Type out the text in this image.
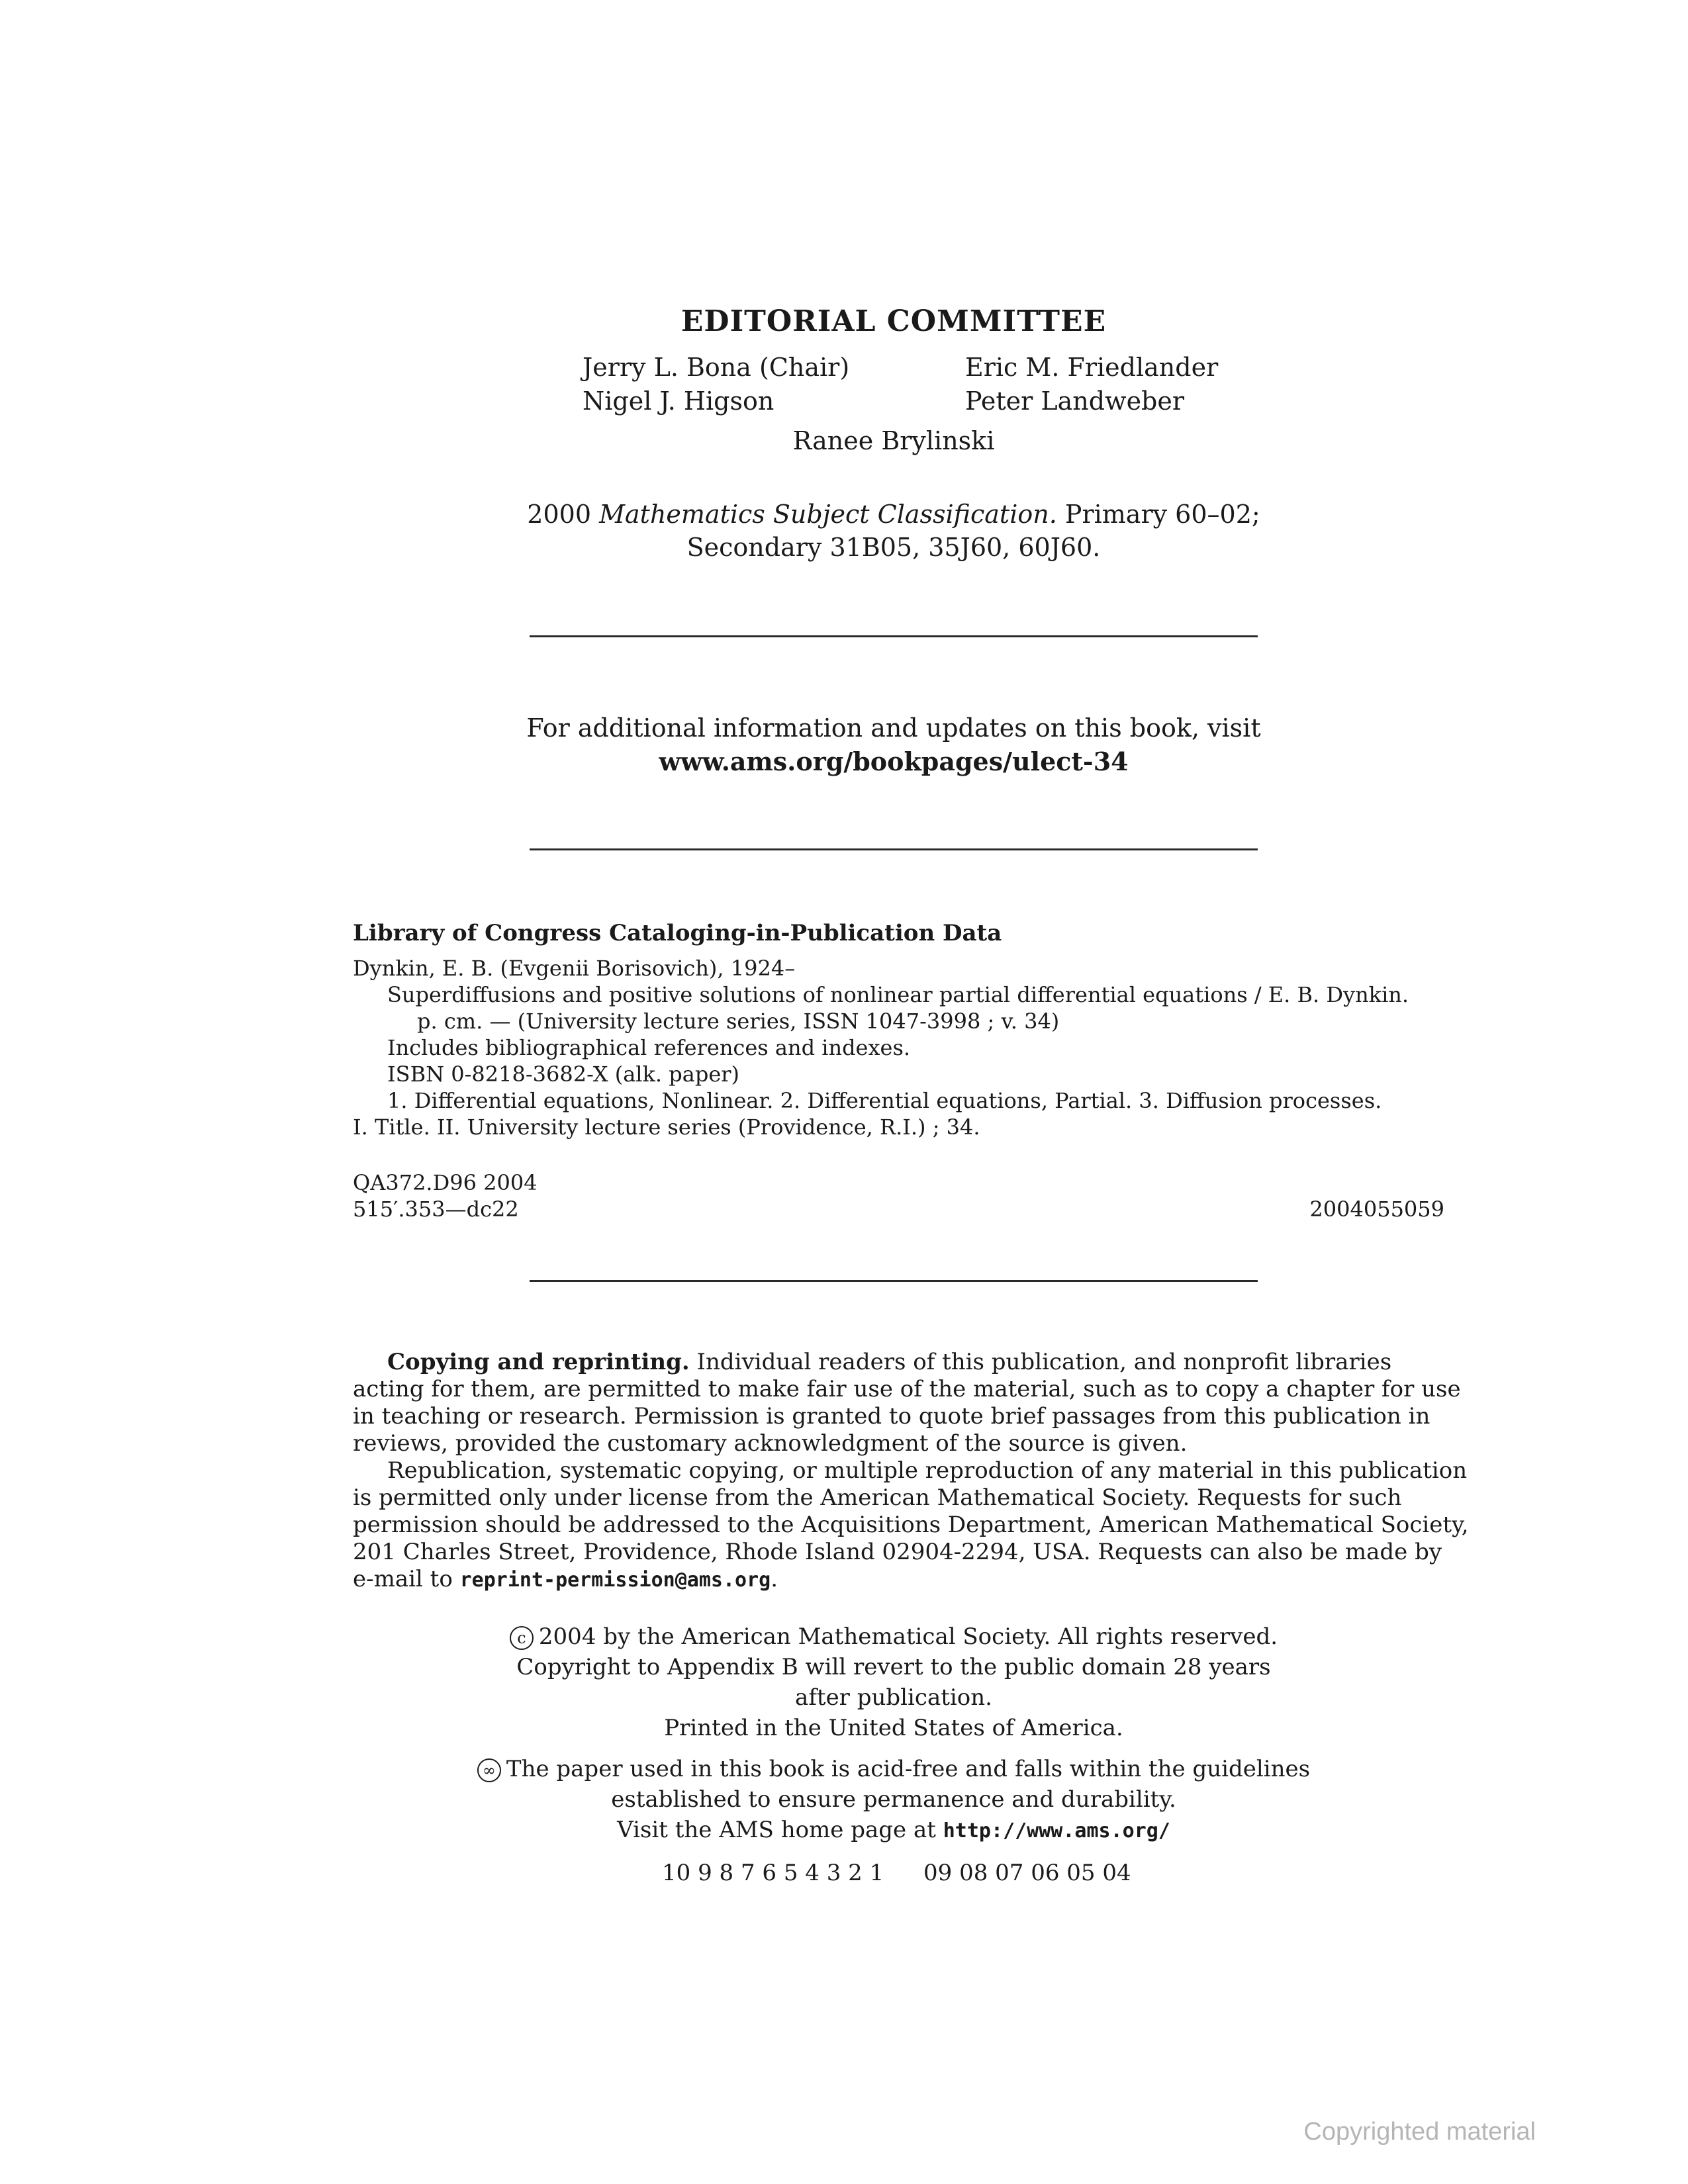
EDITORIAL COMMITTEE
Jerry L. Bona (Chair)
Nigel J. Higson
Eric M. Friedlander
Peter Landweber
Ranee Brylinski
2000 Mathematics Subject Classification. Primary 60–02;
Secondary 31B05, 35J60, 60J60.
For additional information and updates on this book, visit
www.ams.org/bookpages/ulect-34
Library of Congress Cataloging-in-Publication Data
Dynkin, E. B. (Evgenii Borisovich), 1924–
Superdiffusions and positive solutions of nonlinear partial differential equations / E. B. Dynkin.
p. cm. — (University lecture series, ISSN 1047-3998 ; v. 34)
Includes bibliographical references and indexes.
ISBN 0-8218-3682-X (alk. paper)
1. Differential equations, Nonlinear. 2. Differential equations, Partial. 3. Diffusion processes.
I. Title. II. University lecture series (Providence, R.I.) ; 34.
QA372.D96 2004
515′.353—dc22	2004055059
Copying and reprinting. Individual readers of this publication, and nonprofit libraries
acting for them, are permitted to make fair use of the material, such as to copy a chapter for use
in teaching or research. Permission is granted to quote brief passages from this publication in
reviews, provided the customary acknowledgment of the source is given.
Republication, systematic copying, or multiple reproduction of any material in this publication
is permitted only under license from the American Mathematical Society. Requests for such
permission should be addressed to the Acquisitions Department, American Mathematical Society,
201 Charles Street, Providence, Rhode Island 02904-2294, USA. Requests can also be made by
e-mail to reprint-permission@ams.org.
c 2004 by the American Mathematical Society. All rights reserved.
Copyright to Appendix B will revert to the public domain 28 years
after publication.
Printed in the United States of America.
∞ The paper used in this book is acid-free and falls within the guidelines
established to ensure permanence and durability.
Visit the AMS home page at http://www.ams.org/
10 9 8 7 6 5 4 3 2 1 09 08 07 06 05 04
Copyrighted material
